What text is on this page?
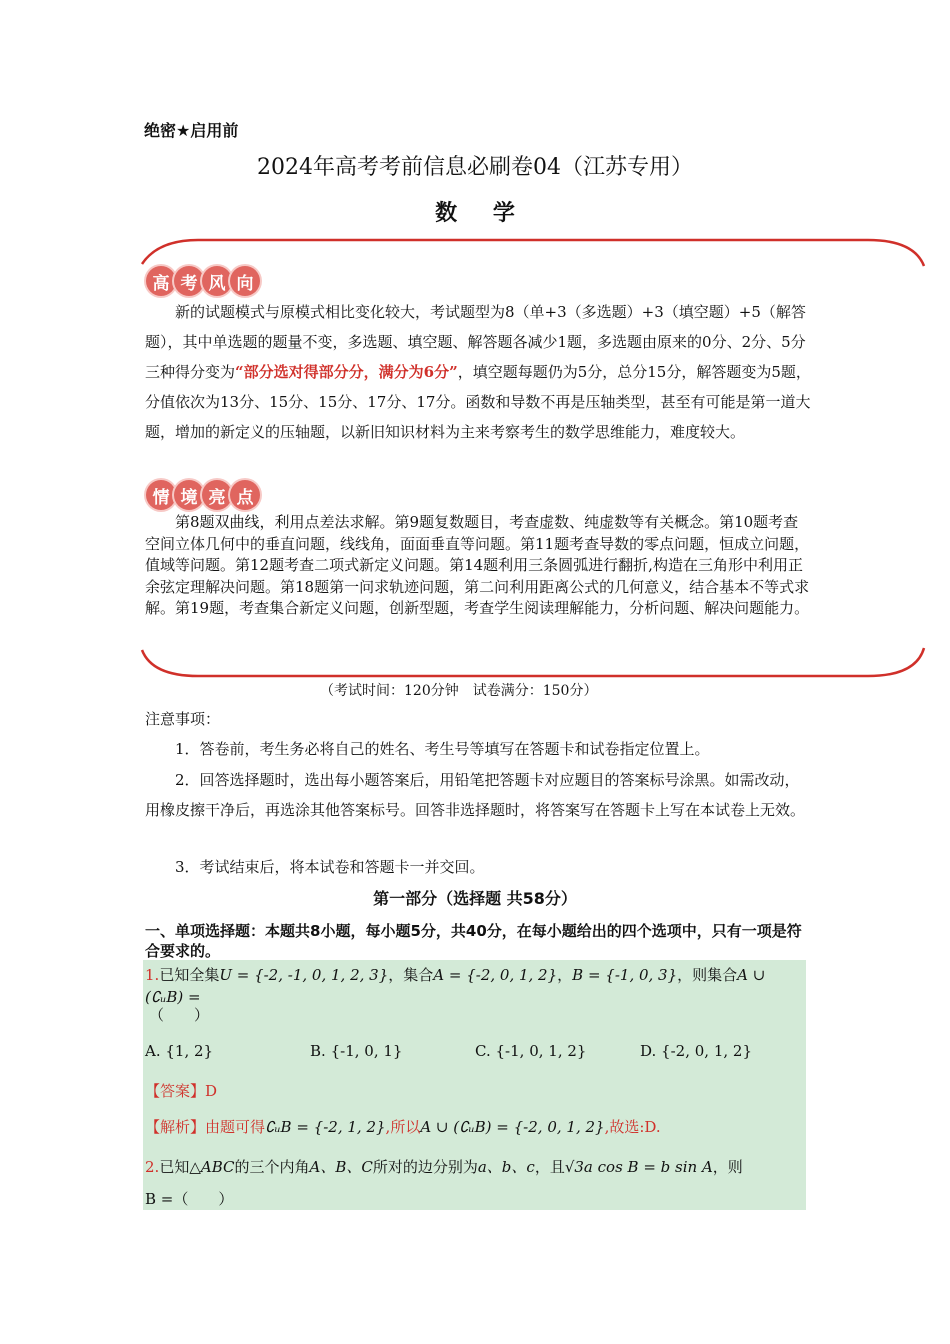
绝密★启用前
2024年高考考前信息必刷卷04（江苏专用）
数 学
高 考 风 向
新的试题模式与原模式相比变化较大，考试题型为8（单+3（多选题）+3（填空题）+5（解答题），其中单选题的题量不变，多选题、填空题、解答题各减少1题，多选题由原来的0分、2分、5分三种得分变为“部分选对得部分分，满分为6分”，填空题每题仍为5分，总分15分，解答题变为5题，分值依次为13分、15分、15分、17分、17分。函数和导数不再是压轴类型，甚至有可能是第一道大题，增加的新定义的压轴题，以新旧知识材料为主来考察考生的数学思维能力，难度较大。
情 境 亮 点
第8题双曲线，利用点差法求解。第9题复数题目，考查虚数、纯虚数等有关概念。第10题考查空间立体几何中的垂直问题，线线角，面面垂直等问题。第11题考查导数的零点问题，恒成立问题，值域等问题。第12题考查二项式新定义问题。第14题利用三条圆弧进行翻折,构造在三角形中利用正余弦定理解决问题。第18题第一问求轨迹问题，第二问利用距离公式的几何意义，结合基本不等式求解。第19题，考查集合新定义问题，创新型题，考查学生阅读理解能力，分析问题、解决问题能力。
（考试时间：120分钟　试卷满分：150分）
注意事项：
1．答卷前，考生务必将自己的姓名、考生号等填写在答题卡和试卷指定位置上。
2．回答选择题时，选出每小题答案后，用铅笔把答题卡对应题目的答案标号涂黑。如需改动，用橡皮擦干净后，再选涂其他答案标号。回答非选择题时，将答案写在答题卡上写在本试卷上无效。
3．考试结束后，将本试卷和答题卡一并交回。
第一部分（选择题 共58分）
一、单项选择题：本题共8小题，每小题5分，共40分，在每小题给出的四个选项中，只有一项是符合要求的。
1.已知全集U = {-2, -1, 0, 1, 2, 3}，集合A = {-2, 0, 1, 2}，B = {-1, 0, 3}，则集合A ∪ (∁ᵤB) =
（　　）
A. {1, 2}	B. {-1, 0, 1}	C. {-1, 0, 1, 2}	D. {-2, 0, 1, 2}
【答案】D
【解析】由题可得∁ᵤB = {-2, 1, 2},所以A ∪ (∁ᵤB) = {-2, 0, 1, 2},故选:D.
2.已知△ABC的三个内角A、B、C所对的边分别为a、b、c，且√3a cos B = b sin A，则
B =（　　）
